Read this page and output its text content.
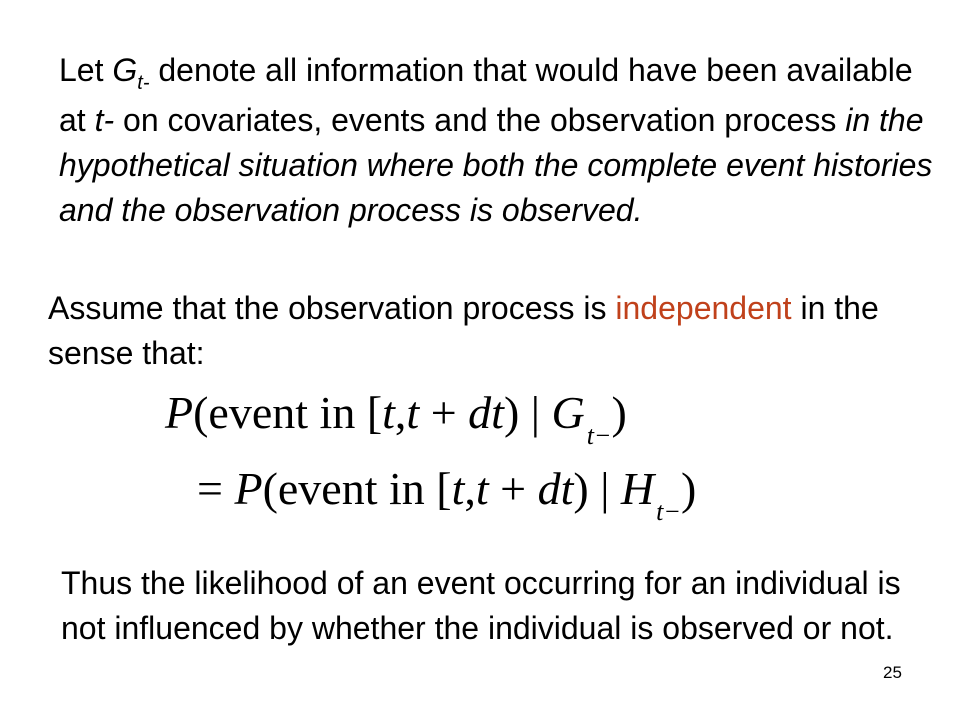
Let $G_{t-}$ denote all information that would have been available at t- on covariates, events and the observation process in the hypothetical situation where both the complete event histories and the observation process is observed.

Assume that the observation process is independent in the sense that:

P(event in [t,t + dt) | $G_{t-}$)
= P(event in [t,t + dt) | $H_{t-}$)

Thus the likelihood of an event occurring for an individual is not influenced by whether the individual is observed or not.

25
